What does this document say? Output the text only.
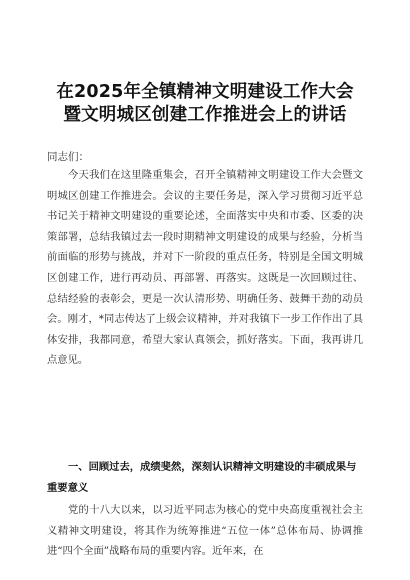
在2025年全镇精神文明建设工作大会
暨文明城区创建工作推进会上的讲话
同志们：
今天我们在这里隆重集会，召开全镇精神文明建设工作大会暨文明城区创建工作推进会。会议的主要任务是，深入学习贯彻习近平总书记关于精神文明建设的重要论述，全面落实中央和市委、区委的决策部署，总结我镇过去一段时期精神文明建设的成果与经验，分析当前面临的形势与挑战，并对下一阶段的重点任务，特别是全国文明城区创建工作，进行再动员、再部署、再落实。这既是一次回顾过往、总结经验的表彰会，更是一次认清形势、明确任务、鼓舞干劲的动员会。刚才，*同志传达了上级会议精神，并对我镇下一步工作作出了具体安排，我都同意，希望大家认真领会，抓好落实。下面，我再讲几点意见。
一、回顾过去，成绩斐然，深刻认识精神文明建设的丰硕成果与重要意义
党的十八大以来，以习近平同志为核心的党中央高度重视社会主义精神文明建设，将其作为统筹推进“五位一体”总体布局、协调推进“四个全面”战略布局的重要内容。近年来，在
